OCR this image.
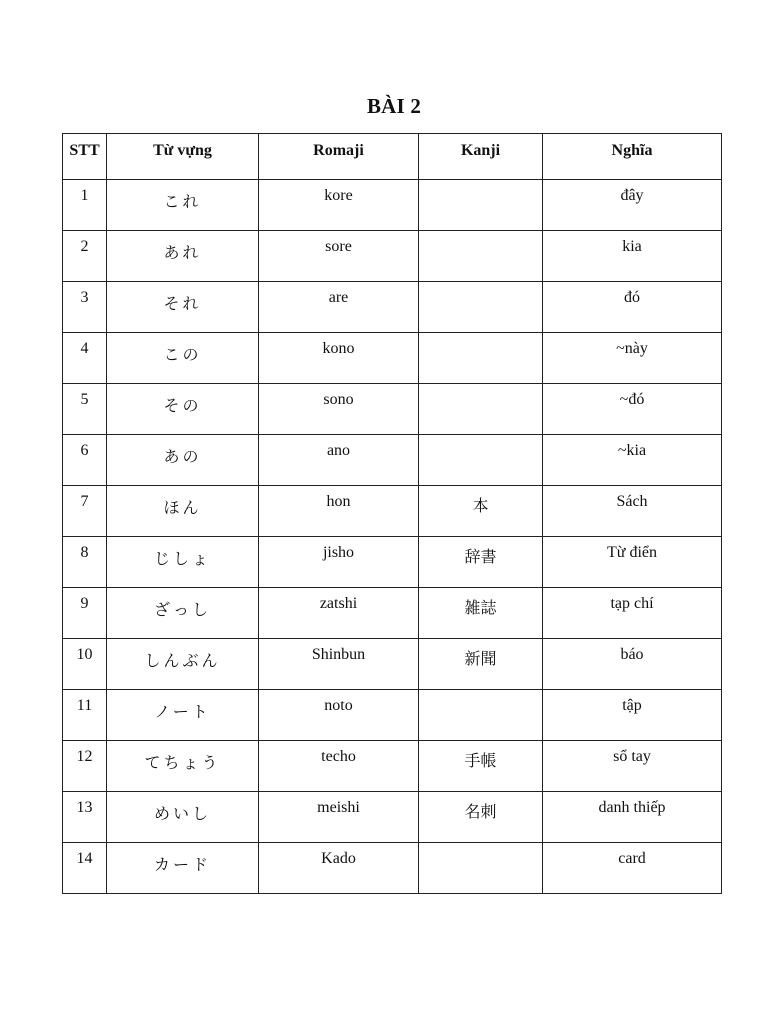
BÀI 2
STT	Từ vựng	Romaji	Kanji	Nghĩa
1	これ	kore		đây
2	あれ	sore		kia
3	それ	are		đó
4	この	kono		~này
5	その	sono		~đó
6	あの	ano		~kia
7	ほん	hon	本	Sách
8	じしょ	jisho	辞書	Từ điển
9	ざっし	zatshi	雑誌	tạp chí
10	しんぶん	Shinbun	新聞	báo
11	ノート	noto		tập
12	てちょう	techo	手帳	sổ tay
13	めいし	meishi	名刺	danh thiếp
14	カード	Kado		card
